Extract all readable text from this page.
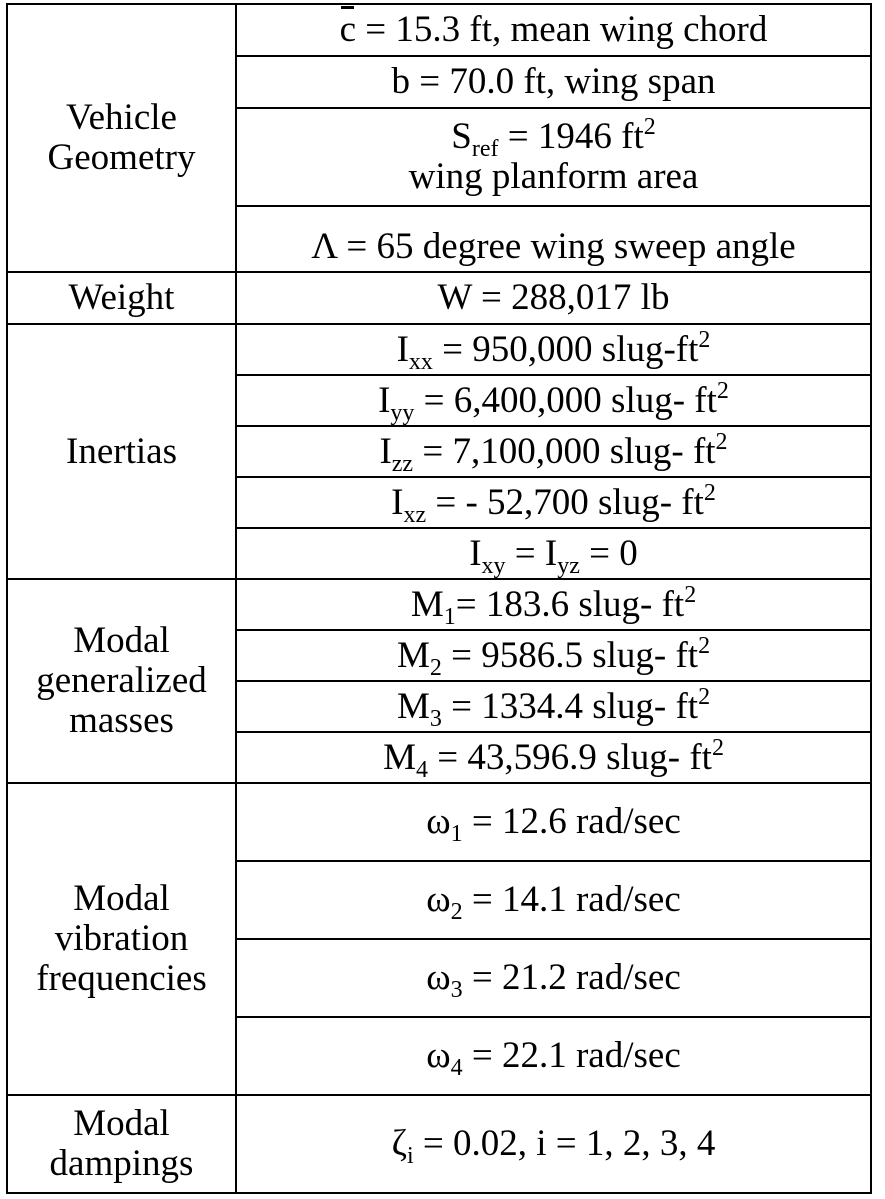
Vehicle
Geometry	c = 15.3 ft, mean wing chord
	b = 70.0 ft, wing span

	$S_{ref} = 1946$ $ft^2$
wing planform area

	Λ = 65 degree wing sweep angle
Weight	W = 288,017 lb
Inertias	$I_{xx} = 950,000$ slug-$ft^2$
	$I_{yy} = 6,400,000$ slug- $ft^2$
	$I_{zz} = 7,100,000$ slug- $ft^2$
	$I_{xz}$ = - 52,700 slug- $ft^2$
	$I_{xy} = I_{yz} = 0$

Modal
generalized
masses	$M_1= 183.6$ slug- $ft^2$
	$M_2 = 9586.5$ slug- $ft^2$
	$M_3 = 1334.4$ slug- $ft^2$
	$M_4 = 43,596.9$ slug- $ft^2$

Modal
vibration
frequencies	$\omega_1 = 12.6$ rad/sec
	$\omega_2 = 14.1$ rad/sec
	$\omega_3 = 21.2$ rad/sec
	$\omega_4 = 22.1$ rad/sec

Modal
dampings	$\zeta_i = 0.02$, i = 1, 2, 3, 4
